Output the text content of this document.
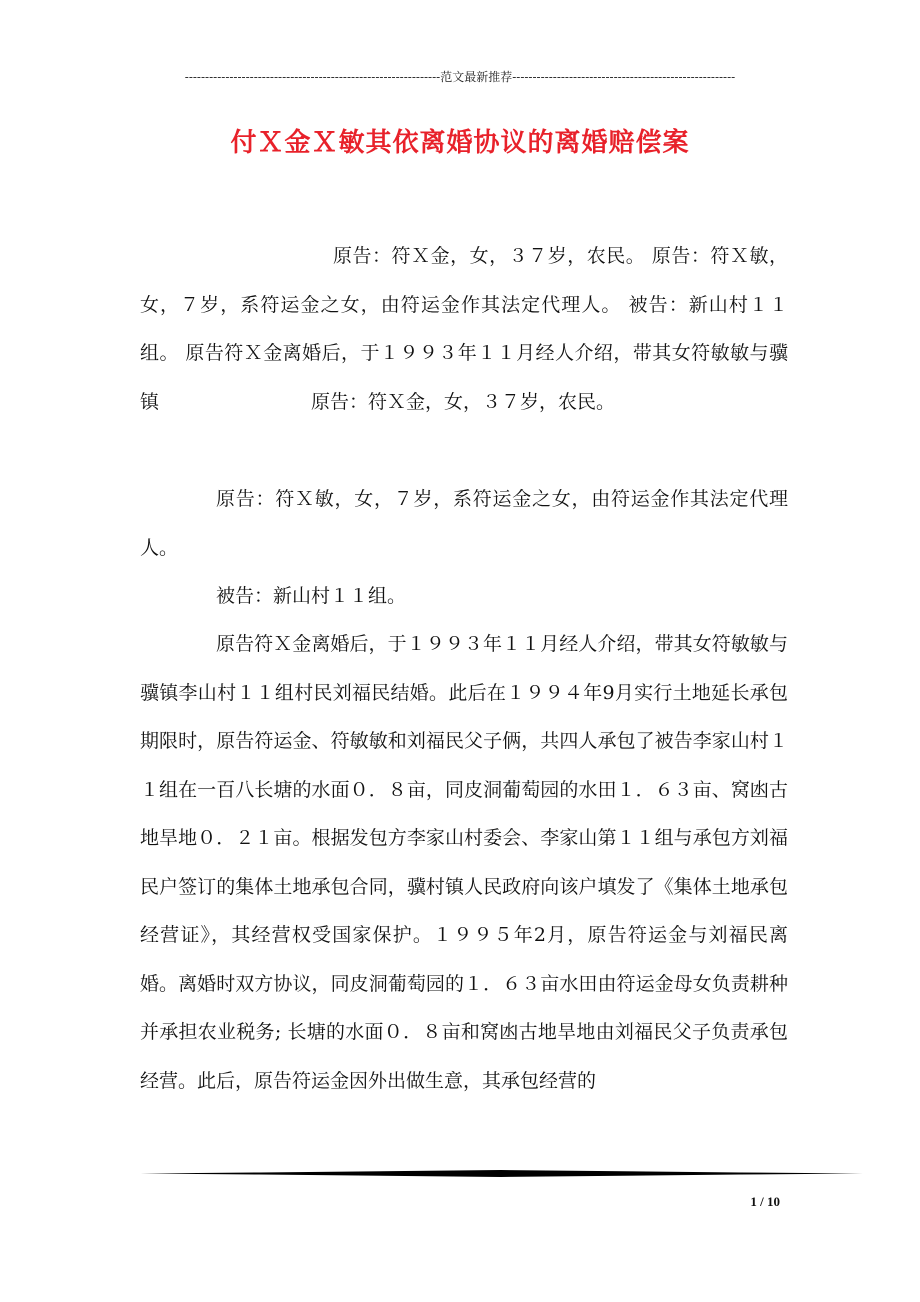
---------------------------------------------------------------范文最新推荐-------------------------------------------------------
付Ｘ金Ｘ敏其依离婚协议的离婚赔偿案
www.zixin.com.cn

原告：符Ｘ金，女，３７岁，农民。 原告：符Ｘ敏，女，７岁，系符运金之女，由符运金作其法定代理人。 被告：新山村１１组。 原告符Ｘ金离婚后，于１９９３年１１月经人介绍，带其女符敏敏与骥镇　　　　　　　　原告：符Ｘ金，女，３７岁，农民。

原告：符Ｘ敏，女，７岁，系符运金之女，由符运金作其法定代理人。

被告：新山村１１组。

原告符Ｘ金离婚后，于１９９３年１１月经人介绍，带其女符敏敏与骥镇李山村１１组村民刘福民结婚。此后在１９９４年9月实行土地延长承包期限时，原告符运金、符敏敏和刘福民父子俩，共四人承包了被告李家山村１１组在一百八长塘的水面０．８亩，同皮洞葡萄园的水田１．６３亩、窝凼古地旱地０．２１亩。根据发包方李家山村委会、李家山第１１组与承包方刘福民户签订的集体土地承包合同，骥村镇人民政府向该户填发了《集体土地承包经营证》，其经营权受国家保护。１９９５年2月，原告符运金与刘福民离婚。离婚时双方协议，同皮洞葡萄园的１．６３亩水田由符运金母女负责耕种并承担农业税务; 长塘的水面０．８亩和窝凼古地旱地由刘福民父子负责承包经营。此后，原告符运金因外出做生意，其承包经营的

1 / 10
